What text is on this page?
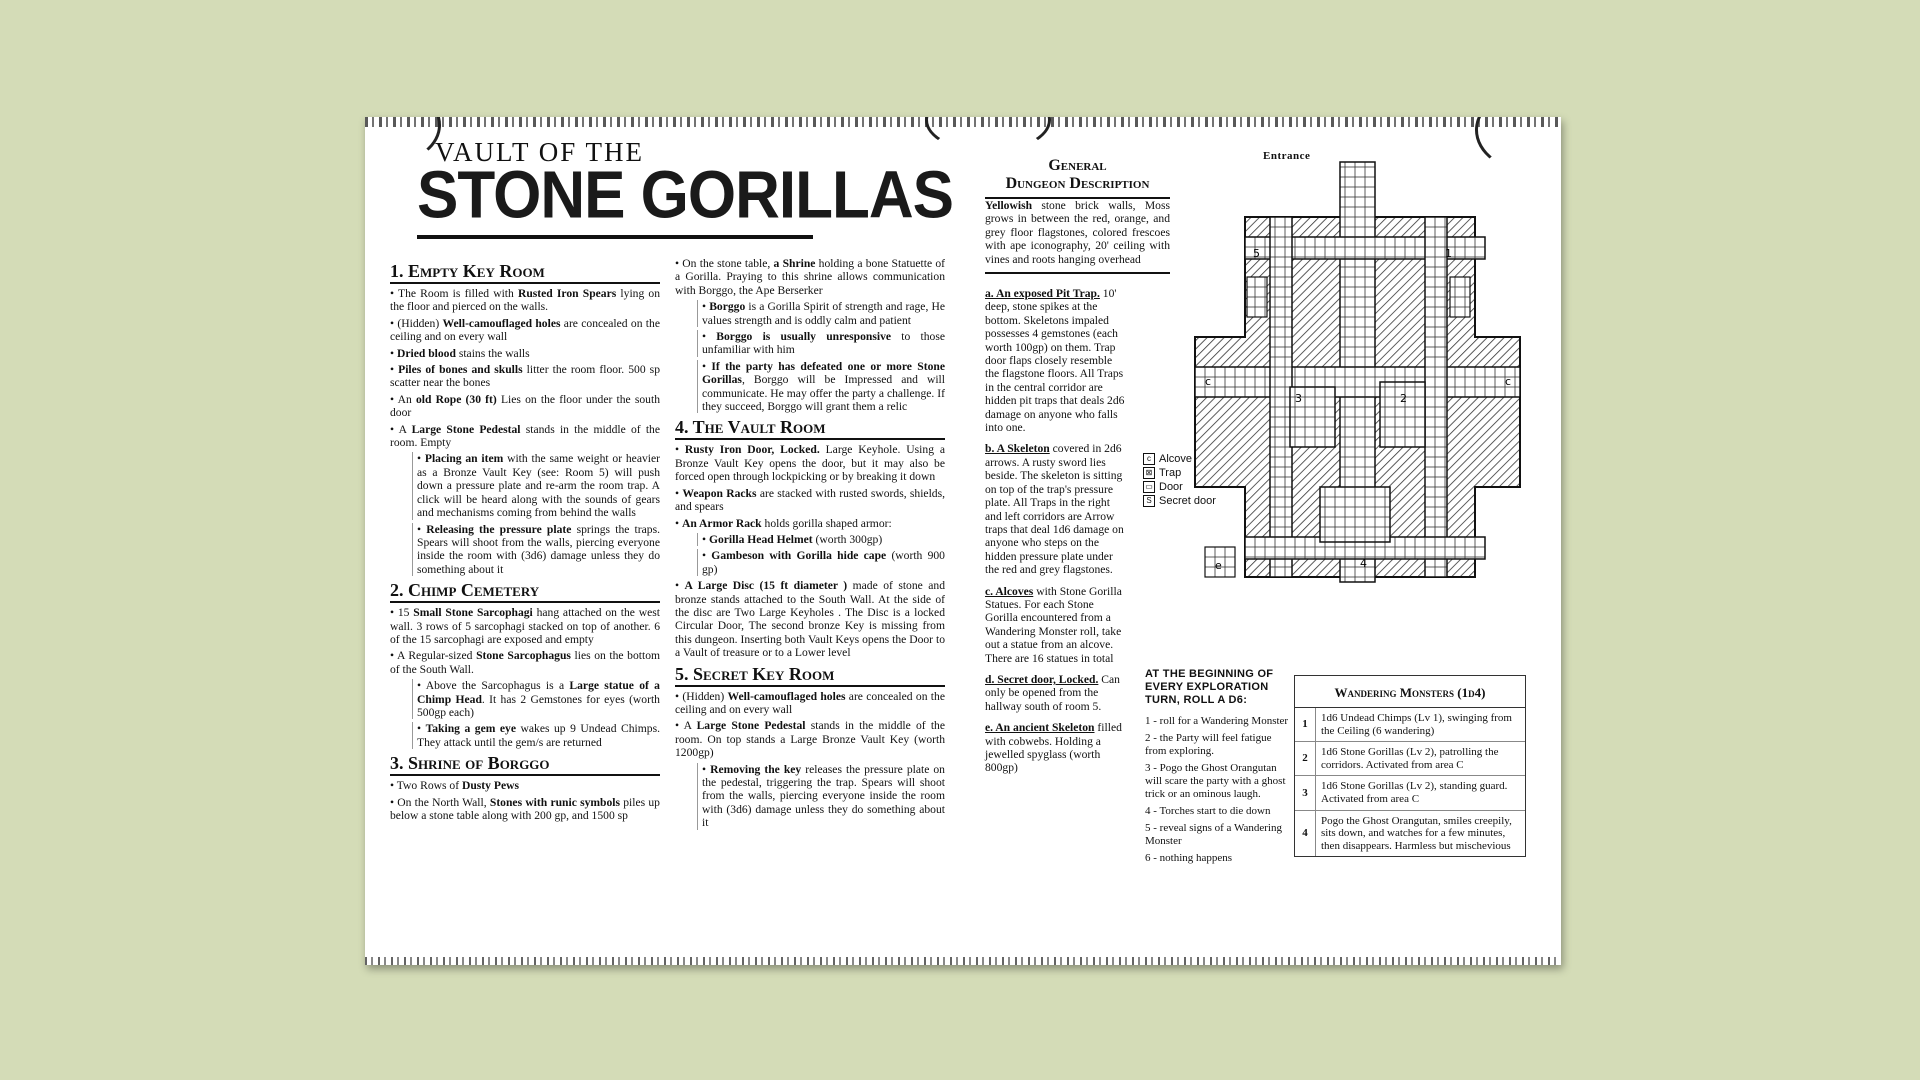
VAULT OF THE
STONE GORILLAS
1. Empty Key Room

• The Room is filled with Rusted Iron Spears lying on the floor and pierced on the walls.

• (Hidden) Well-camouflaged holes are concealed on the ceiling and on every wall

• Dried blood stains the walls

• Piles of bones and skulls litter the room floor. 500 sp scatter near the bones

• An old Rope (30 ft) Lies on the floor under the south door

• A Large Stone Pedestal stands in the middle of the room. Empty

• Placing an item with the same weight or heavier as a Bronze Vault Key (see: Room 5) will push down a pressure plate and re-arm the room trap. A click will be heard along with the sounds of gears and mechanisms coming from behind the walls

• Releasing the pressure plate springs the traps. Spears will shoot from the walls, piercing everyone inside the room with (3d6) damage unless they do something about it

2. Chimp Cemetery

• 15 Small Stone Sarcophagi hang attached on the west wall. 3 rows of 5 sarcophagi stacked on top of another. 6 of the 15 sarcophagi are exposed and empty

• A Regular-sized Stone Sarcophagus lies on the bottom of the South Wall.

• Above the Sarcophagus is a Large statue of a Chimp Head. It has 2 Gemstones for eyes (worth 500gp each)

• Taking a gem eye wakes up 9 Undead Chimps. They attack until the gem/s are returned

3. Shrine of Borggo

• Two Rows of Dusty Pews

• On the North Wall, Stones with runic symbols piles up below a stone table along with 200 gp, and 1500 sp

• On the stone table, a Shrine holding a bone Statuette of a Gorilla. Praying to this shrine allows communication with Borggo, the Ape Berserker

• Borggo is a Gorilla Spirit of strength and rage, He values strength and is oddly calm and patient

• Borggo is usually unresponsive to those unfamiliar with him

• If the party has defeated one or more Stone Gorillas, Borggo will be Impressed and will communicate. He may offer the party a challenge. If they succeed, Borggo will grant them a relic

4. The Vault Room

• Rusty Iron Door, Locked. Large Keyhole. Using a Bronze Vault Key opens the door, but it may also be forced open through lockpicking or by breaking it down

• Weapon Racks are stacked with rusted swords, shields, and spears

• An Armor Rack holds gorilla shaped armor:

• Gorilla Head Helmet (worth 300gp)

• Gambeson with Gorilla hide cape (worth 900 gp)

• A Large Disc (15 ft diameter ) made of stone and bronze stands attached to the South Wall. At the side of the disc are Two Large Keyholes . The Disc is a locked Circular Door, The second bronze Key is missing from this dungeon. Inserting both Vault Keys opens the Door to a Vault of treasure or to a Lower level

5. Secret Key Room

• (Hidden) Well-camouflaged holes are concealed on the ceiling and on every wall

• A Large Stone Pedestal stands in the middle of the room. On top stands a Large Bronze Vault Key (worth 1200gp)

• Removing the key releases the pressure plate on the pedestal, triggering the trap. Spears will shoot from the walls, piercing everyone inside the room with (3d6) damage unless they do something about it

General
Dungeon Description

Yellowish stone brick walls, Moss grows in between the red, orange, and grey floor flagstones, colored frescoes with ape iconography, 20' ceiling with vines and roots hanging overhead

a. An exposed Pit Trap. 10' deep, stone spikes at the bottom. Skeletons impaled possesses 4 gemstones (each worth 100gp) on them. Trap door flaps closely resemble the flagstone floors. All Traps in the central corridor are hidden pit traps that deals 2d6 damage on anyone who falls into one.

b. A Skeleton covered in 2d6 arrows. A rusty sword lies beside. The skeleton is sitting on top of the trap's pressure plate. All Traps in the right and left corridors are Arrow traps that deal 1d6 damage on anyone who steps on the hidden pressure plate under the red and grey flagstones.

c. Alcoves with Stone Gorilla Statues. For each Stone Gorilla encountered from a Wandering Monster roll, take out a statue from an alcove. There are 16 statues in total

d. Secret door, Locked. Can only be opened from the hallway south of room 5.

e. An ancient Skeleton filled with cobwebs. Holding a jewelled spyglass (worth 800gp)

Entrance
5	1
3	2
4
c	c
e
c Alcove
⊠ Trap
▭ Door
S Secret door
AT THE BEGINNING OF
EVERY EXPLORATION
TURN, ROLL A D6:

1 - roll for a Wandering Monster

2 - the Party will feel fatigue from exploring.

3 - Pogo the Ghost Orangutan will scare the party with a ghost trick or an ominous laugh.

4 - Torches start to die down

5 - reveal signs of a Wandering Monster

6 - nothing happens

Wandering Monsters (1d4)
1
1d6 Undead Chimps (Lv 1), swinging from the Ceiling (6 wandering)
2
1d6 Stone Gorillas (Lv 2), patrolling the corridors. Activated from area C
3
1d6 Stone Gorillas (Lv 2), standing guard. Activated from area C
4
Pogo the Ghost Orangutan, smiles creepily, sits down, and watches for a few minutes, then disappears. Harmless but mischevious
